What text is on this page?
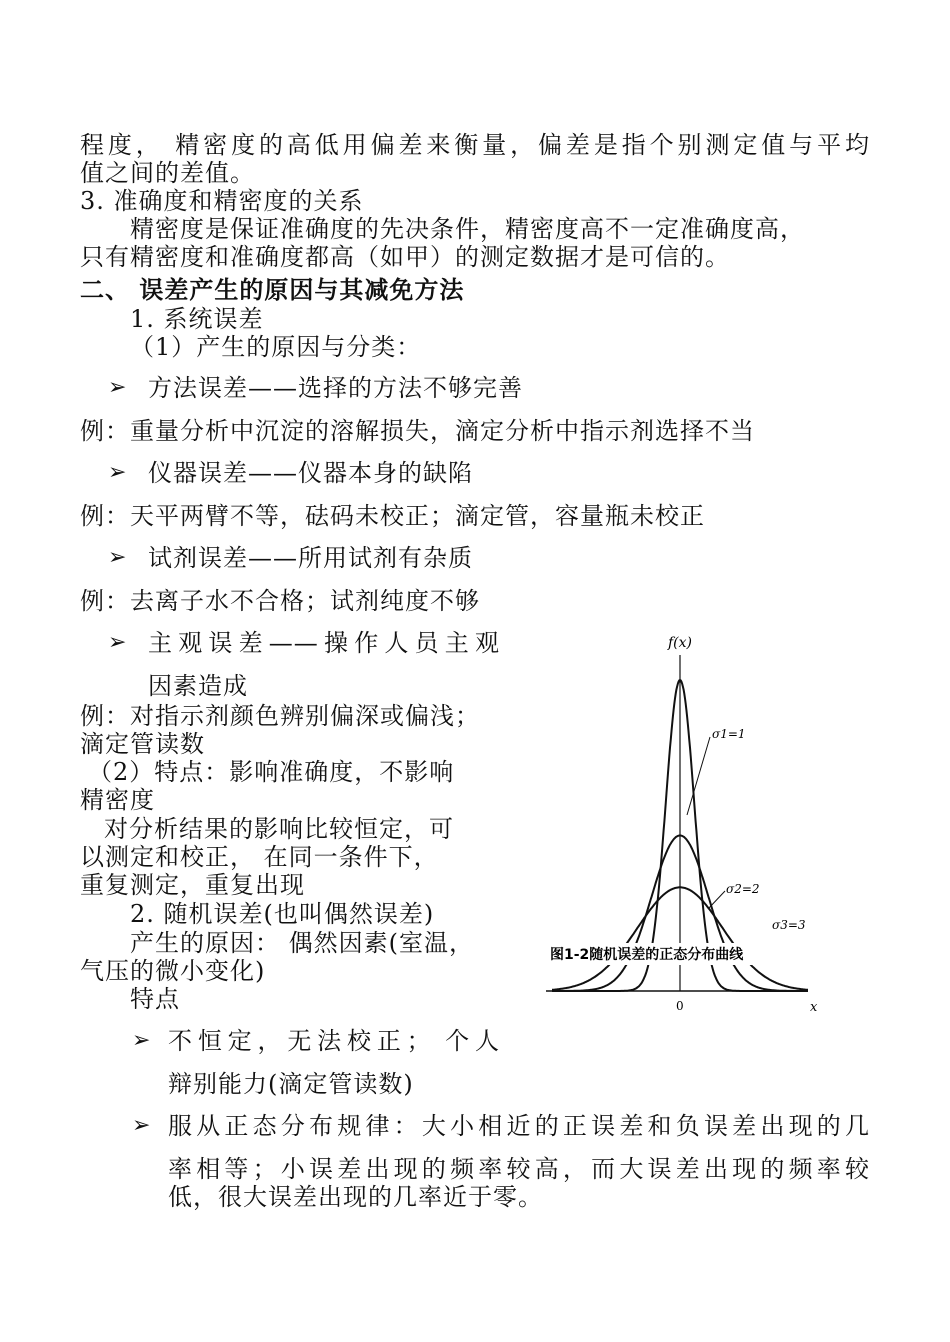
程度， 精密度的高低用偏差来衡量，偏差是指个别测定值与平均
值之间的差值。
3. 准确度和精密度的关系
精密度是保证准确度的先决条件，精密度高不一定准确度高，
只有精密度和准确度都高（如甲）的测定数据才是可信的。
二、 误差产生的原因与其减免方法
1. 系统误差
（1）产生的原因与分类：
➢ 方法误差——选择的方法不够完善
例：重量分析中沉淀的溶解损失，滴定分析中指示剂选择不当
➢ 仪器误差——仪器本身的缺陷
例：天平两臂不等，砝码未校正；滴定管，容量瓶未校正
➢ 试剂误差——所用试剂有杂质
例：去离子水不合格；试剂纯度不够
➢ 主观误差——操作人员主观
因素造成
例：对指示剂颜色辨别偏深或偏浅；
滴定管读数
（2）特点：影响准确度，不影响
精密度
对分析结果的影响比较恒定，可
以测定和校正， 在同一条件下，
重复测定，重复出现
2. 随机误差(也叫偶然误差)
产生的原因： 偶然因素(室温，
气压的微小变化)
特点
➢ 不恒定，无法校正； 个人
辩别能力(滴定管读数)
➢ 服从正态分布规律：大小相近的正误差和负误差出现的几
率相等；小误差出现的频率较高，而大误差出现的频率较
低，很大误差出现的几率近于零。
f(x)
x
0
σ1=1
σ2=2
σ3=3
图1-2随机误差的正态分布曲线
